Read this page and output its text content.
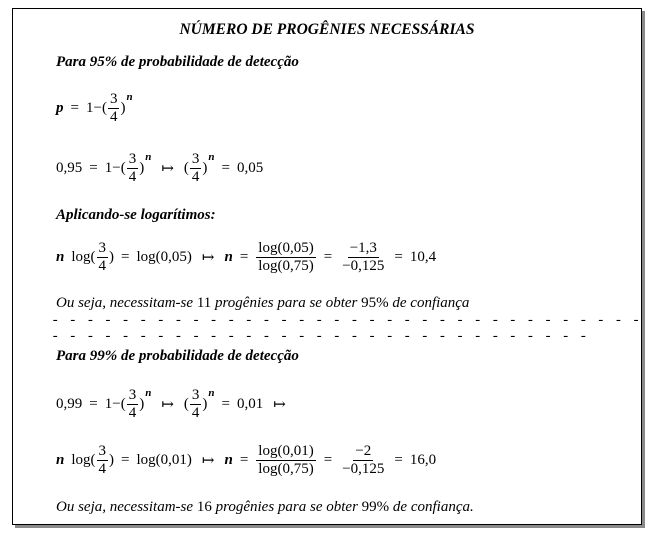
NÚMERO DE PROGÊNIES NECESSÁRIAS
Para 95% de probabilidade de detecção
p = 1− ( $\frac{3}{4}$ )
n
0,95 = 1− ( $\frac{3}{4}$ )
n
↦ ( $\frac{3}{4}$ )
n
= 0,05
Aplicando-se logarítimos:
n $\log( \frac{3}{4}$ ) = log(0,05) ↦ $n = \frac{\log(0,05)}{\log(0,75)} = \frac{-1,3}{-0,125} = 10,4$
Ou seja, necessitam-se 11 progênies para se obter 95% de confiança
- - - - - - - - - - - - - - - - - - - - - - - - - - - - - - - - - - - - - - - - - - - - - - - - - - - - - - - - - - - - - - - - -
Para 99% de probabilidade de detecção
0,99 = 1− ( $\frac{3}{4}$ )
n
↦ ( $\frac{3}{4}$ )
n
= 0,01 ↦
n $\log( \frac{3}{4}$ ) = log(0,01) ↦ $n = \frac{\log(0,01)}{\log(0,75)} = \frac{-2}{-0,125} = 16,0$
Ou seja, necessitam-se 16 progênies para se obter 99% de confiança.
